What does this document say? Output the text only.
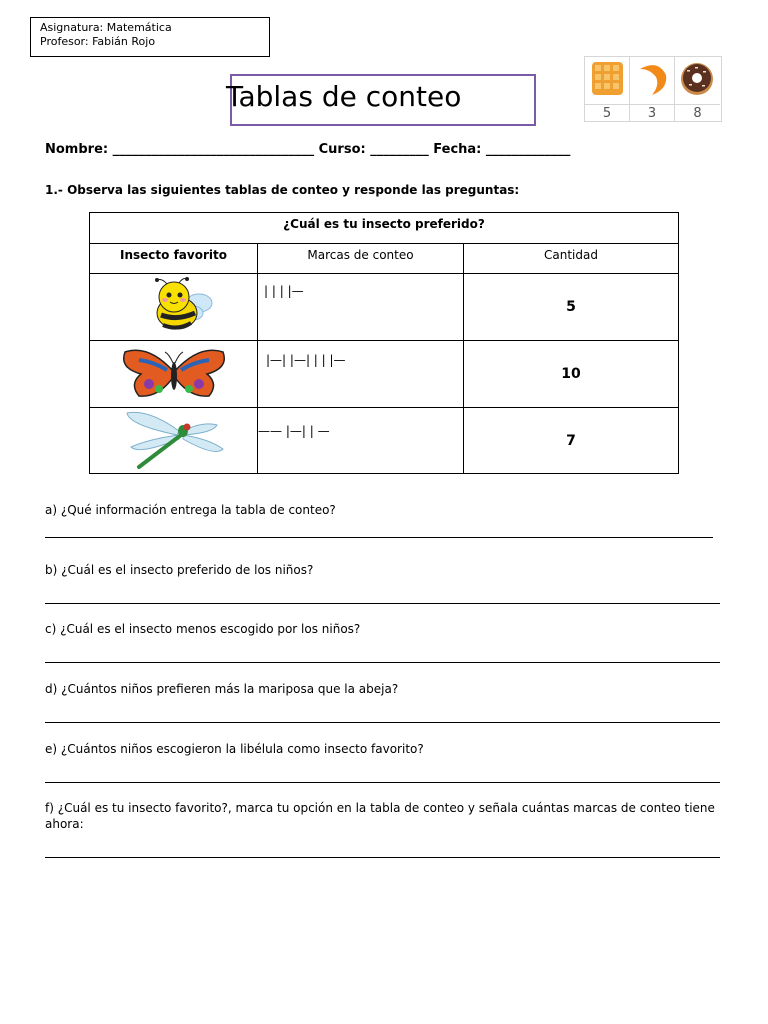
Asignatura: Matemática
Profesor: Fabián Rojo
Tablas de conteo
5	3	8
Nombre: _______________________________ Curso: _________ Fecha: _____________
1.- Observa las siguientes tablas de conteo y responde las preguntas:
¿Cuál es tu insecto preferido?		
Insecto favorito	Marcas de conteo	Cantidad

| | | |—	5

|—| |—| | | |—	10

—— |—| | —	7
a) ¿Qué información entrega la tabla de conteo?
b) ¿Cuál es el insecto preferido de los niños?
c) ¿Cuál es el insecto menos escogido por los niños?
d) ¿Cuántos niños prefieren más la mariposa que la abeja?
e) ¿Cuántos niños escogieron la libélula como insecto favorito?
f) ¿Cuál es tu insecto favorito?, marca tu opción en la tabla de conteo y señala cuántas marcas de conteo tiene
ahora:
